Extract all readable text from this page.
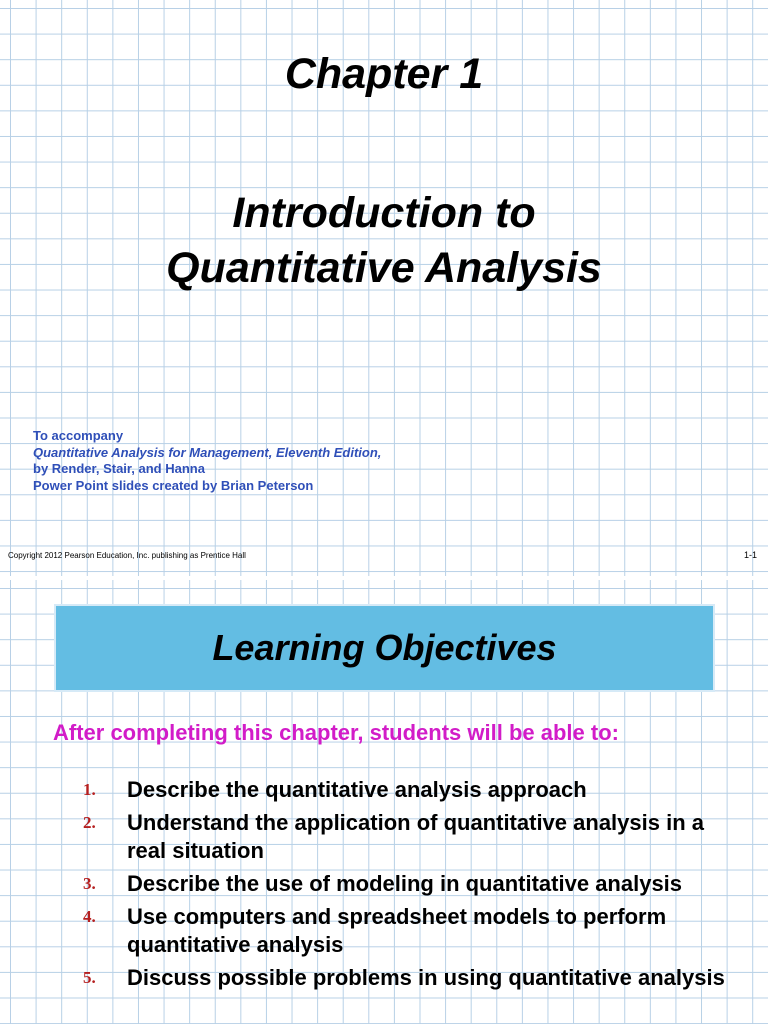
Chapter 1
Introduction to
Quantitative Analysis
To accompany
Quantitative Analysis for Management, Eleventh Edition,
by Render, Stair, and Hanna
Power Point slides created by Brian Peterson
Copyright 2012 Pearson Education, Inc. publishing as Prentice Hall	1-1
Learning Objectives
After completing this chapter, students will be able to:
1. Describe the quantitative analysis approach
2. Understand the application of quantitative analysis in a real situation
3. Describe the use of modeling in quantitative analysis
4. Use computers and spreadsheet models to perform quantitative analysis
5. Discuss possible problems in using quantitative analysis
